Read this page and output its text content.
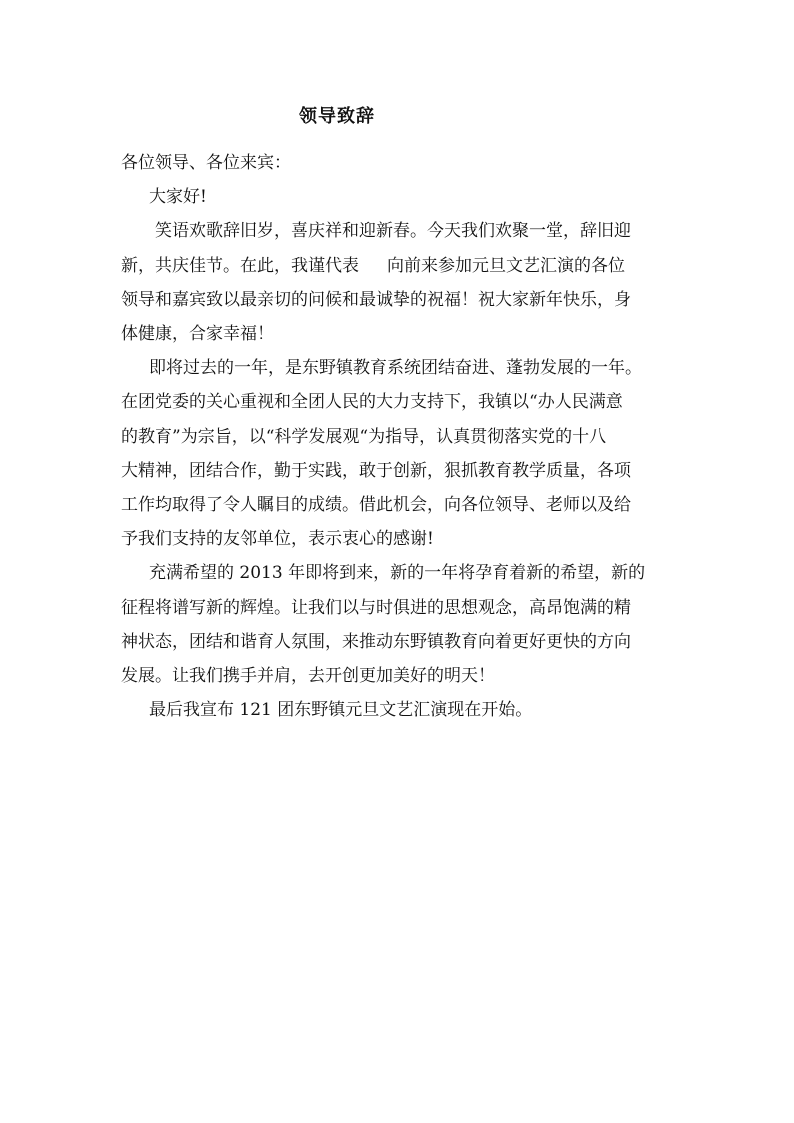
领导致辞
各位领导、各位来宾：
大家好!
笑语欢歌辞旧岁，喜庆祥和迎新春。今天我们欢聚一堂，辞旧迎
新，共庆佳节。在此，我谨代表 向前来参加元旦文艺汇演的各位
领导和嘉宾致以最亲切的问候和最诚挚的祝福！祝大家新年快乐，身
体健康，合家幸福！
即将过去的一年，是东野镇教育系统团结奋进、蓬勃发展的一年。
在团党委的关心重视和全团人民的大力支持下，我镇以“办人民满意
的教育”为宗旨，以“科学发展观“为指导，认真贯彻落实党的十八
大精神，团结合作，勤于实践，敢于创新，狠抓教育教学质量，各项
工作均取得了令人瞩目的成绩。借此机会，向各位领导、老师以及给
予我们支持的友邻单位，表示衷心的感谢!
充满希望的 2013 年即将到来，新的一年将孕育着新的希望，新的
征程将谱写新的辉煌。让我们以与时俱进的思想观念，高昂饱满的精
神状态，团结和谐育人氛围，来推动东野镇教育向着更好更快的方向
发展。让我们携手并肩，去开创更加美好的明天！
最后我宣布 121 团东野镇元旦文艺汇演现在开始。
